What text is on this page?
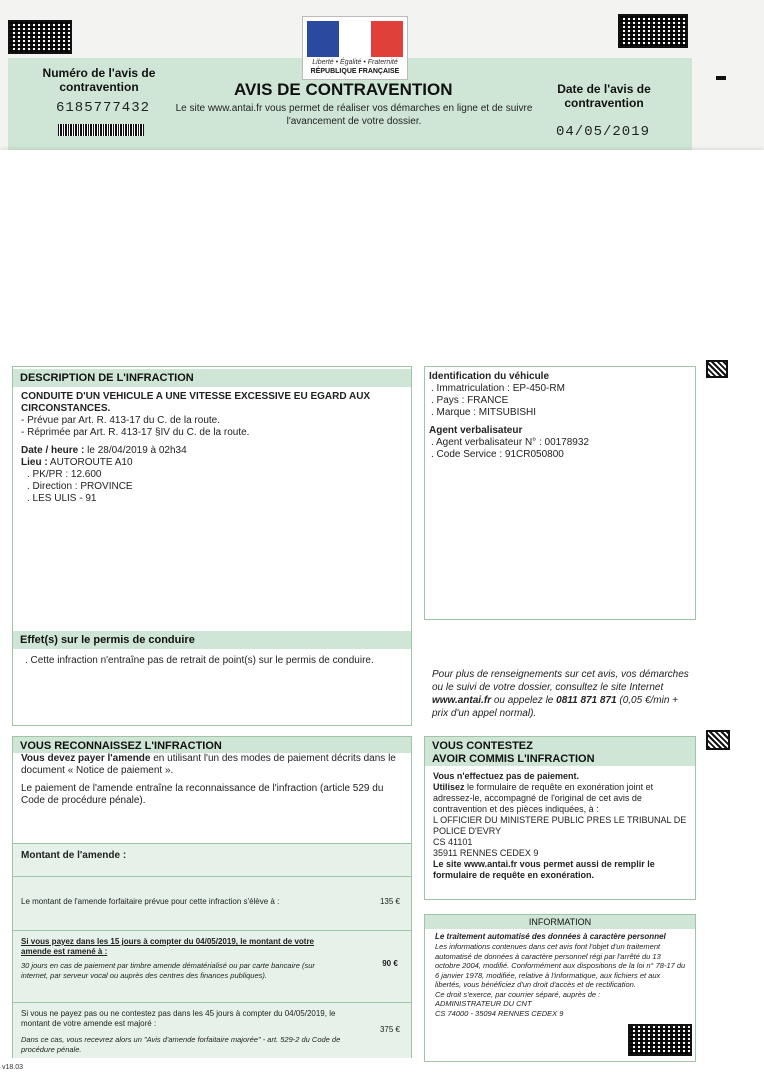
Liberté • Égalité • Fraternité
RÉPUBLIQUE FRANÇAISE
Numéro de l'avis de contravention
6185777432
AVIS DE CONTRAVENTION
Le site www.antai.fr vous permet de réaliser vos démarches en ligne et de suivre l'avancement de votre dossier.
Date de l'avis de contravention
04/05/2019
DESCRIPTION DE L'INFRACTION
CONDUITE D'UN VEHICULE A UNE VITESSE EXCESSIVE EU EGARD AUX CIRCONSTANCES.
- Prévue par Art. R. 413-17 du C. de la route.
- Réprimée par Art. R. 413-17 §IV du C. de la route.
Date / heure : le 28/04/2019 à 02h34
Lieu : AUTOROUTE A10
. PK/PR : 12.600
. Direction : PROVINCE
. LES ULIS - 91
Effet(s) sur le permis de conduire
. Cette infraction n'entraîne pas de retrait de point(s) sur le permis de conduire.
Identification du véhicule
. Immatriculation : EP-450-RM
. Pays : FRANCE
. Marque : MITSUBISHI
Agent verbalisateur
. Agent verbalisateur N° : 00178932
. Code Service : 91CR050800
Pour plus de renseignements sur cet avis, vos démarches ou le suivi de votre dossier, consultez le site Internet www.antai.fr ou appelez le 0811 871 871 (0,05 €/min + prix d'un appel normal).
VOUS RECONNAISSEZ L'INFRACTION
Vous devez payer l'amende en utilisant l'un des modes de paiement décrits dans le document « Notice de paiement ».
Le paiement de l'amende entraîne la reconnaissance de l'infraction (article 529 du Code de procédure pénale).
Montant de l'amende :
Le montant de l'amende forfaitaire prévue pour cette infraction s'élève à :	135 €
Si vous payez dans les 15 jours à compter du 04/05/2019, le montant de votre amende est ramené à :
30 jours en cas de paiement par timbre amende dématérialisé ou par carte bancaire (sur internet, par serveur vocal ou auprès des centres des finances publiques).
90 €
Si vous ne payez pas ou ne contestez pas dans les 45 jours à compter du 04/05/2019, le montant de votre amende est majoré :
Dans ce cas, vous recevrez alors un "Avis d'amende forfaitaire majorée" - art. 529-2 du Code de procédure pénale.
375 €
VOUS CONTESTEZ
AVOIR COMMIS L'INFRACTION
Vous n'effectuez pas de paiement.
Utilisez le formulaire de requête en exonération joint et adressez-le, accompagné de l'original de cet avis de contravention et des pièces indiquées, à :
L OFFICIER DU MINISTERE PUBLIC PRES LE TRIBUNAL DE POLICE D'EVRY
CS 41101
35911 RENNES CEDEX 9
Le site www.antai.fr vous permet aussi de remplir le formulaire de requête en exonération.
INFORMATION
Le traitement automatisé des données à caractère personnel
Les informations contenues dans cet avis font l'objet d'un traitement automatisé de données à caractère personnel régi par l'arrêté du 13 octobre 2004, modifié. Conformément aux dispositions de la loi n° 78-17 du 6 janvier 1978, modifiée, relative à l'informatique, aux fichiers et aux libertés, vous bénéficiez d'un droit d'accès et de rectification.
Ce droit s'exerce, par courrier séparé, auprès de : ADMINISTRATEUR DU CNT
CS 74000 - 35094 RENNES CEDEX 9
v18.03
